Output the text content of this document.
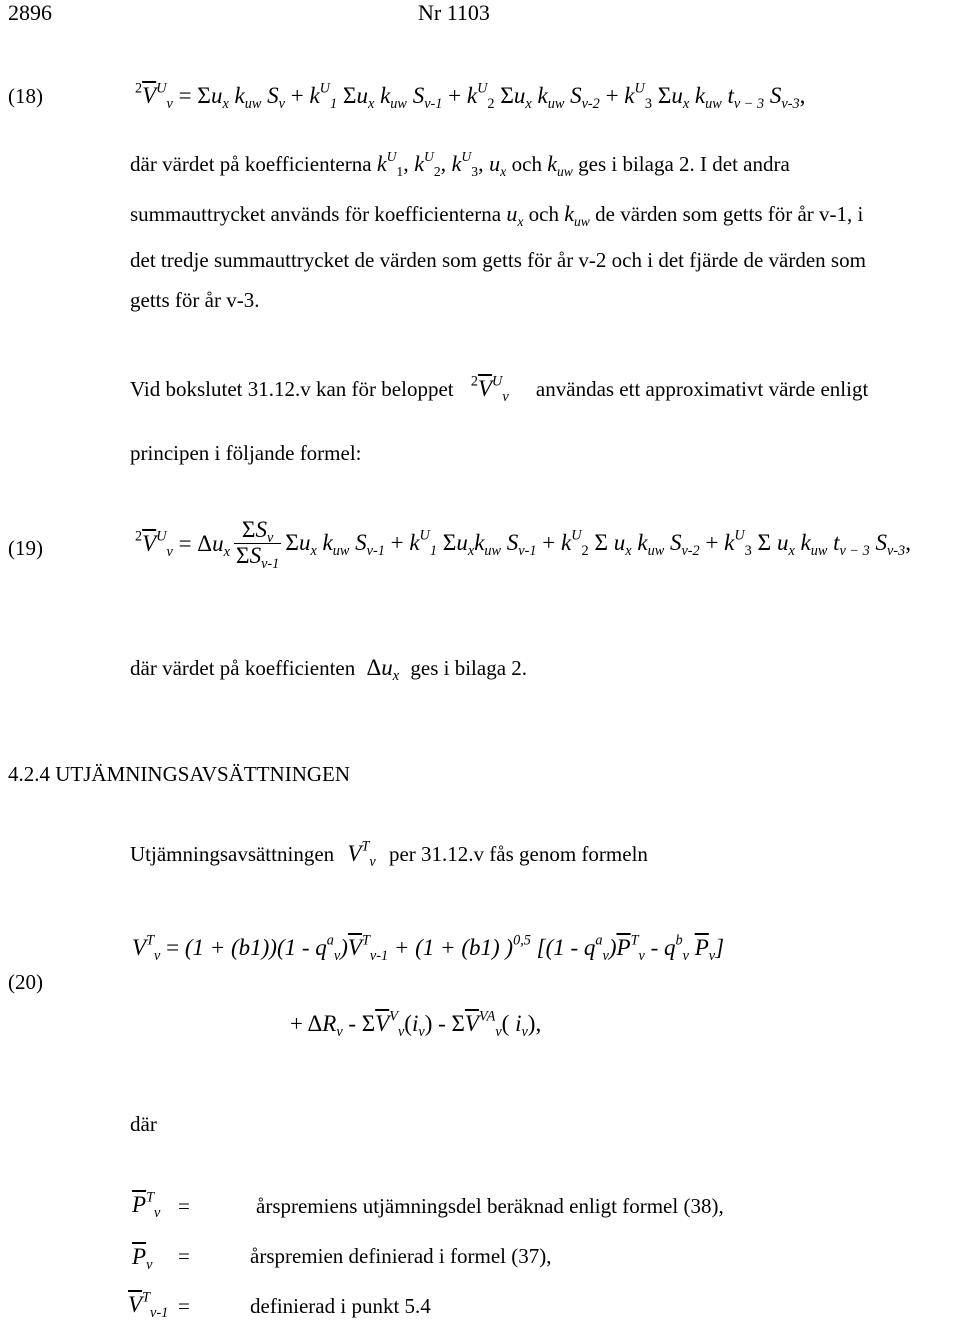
2896	Nr 1103
(18)	$^2\overline{V}^U_v = \Sigma u_x$ $k_{uw}$ $S_v + k^U_1$ $\Sigma u_x$ $k_{uw}$ $S_{v-1} + k^U_2$ $\Sigma u_x$ $k_{uw}$ $S_{v-2} + k^U_3$ $\Sigma u_x$ $k_{uw}$ $t_{v - 3}$ $S_{v-3}$,
där värdet på koefficienterna $k^U_1$, $k^U_2$, $k^U_3$, $u_x$ och $k_{uw}$ ges i bilaga 2. I det andra
summauttrycket används för koefficienterna $u_x$ och $k_{uw}$ de värden som getts för år v-1, i
det tredje summauttrycket de värden som getts för år v-2 och i det fjärde de värden som
getts för år v-3.
Vid bokslutet 31.12.v kan för beloppet $^2\overline{V}^U_v$ användas ett approximativt värde enligt
principen i följande formel:
(19)	$^2\overline{V}^U_v = \Delta u_x \frac{\Sigma S_v}{\Sigma S_{v-1}} \Sigma u_x$ $k_{uw}$ $S_{v-1} + k^U_1$ $\Sigma u_xk_{uw}$ $S_{v-1} + k^U_2$ Σ $u_x$ $k_{uw}$ $S_{v-2} + k^U_3$ Σ $u_x$ $k_{uw}$ $t_{v - 3}$ $S_{v-3}$,
där värdet på koefficienten $\Delta u_x$ ges i bilaga 2.
4.2.4 UTJÄMNINGSAVSÄTTNINGEN
Utjämningsavsättningen $V^T_v$ per 31.12.v fås genom formeln
(20)
$V^T_v = (1 + (b1))(1 - q^a_v)\overline{V}^T_{v-1} + (1 + (b1)$ )$^{0,5}$ [$(1 - q^a_v)\overline{P}^T_v - q^b_v$ $\overline{P}_v$]
+ $\Delta R_v - \Sigma\overline{V}^V_v(i_v) - \Sigma\overline{V}^{VA}_v$( $i_v$),
där
$\overline{P}^T_v$ =	årspremiens utjämningsdel beräknad enligt formel (38),
$\overline{P}_v$ =	årspremien definierad i formel (37),
$\overline{V}^T_{v-1}$ =	definierad i punkt 5.4
